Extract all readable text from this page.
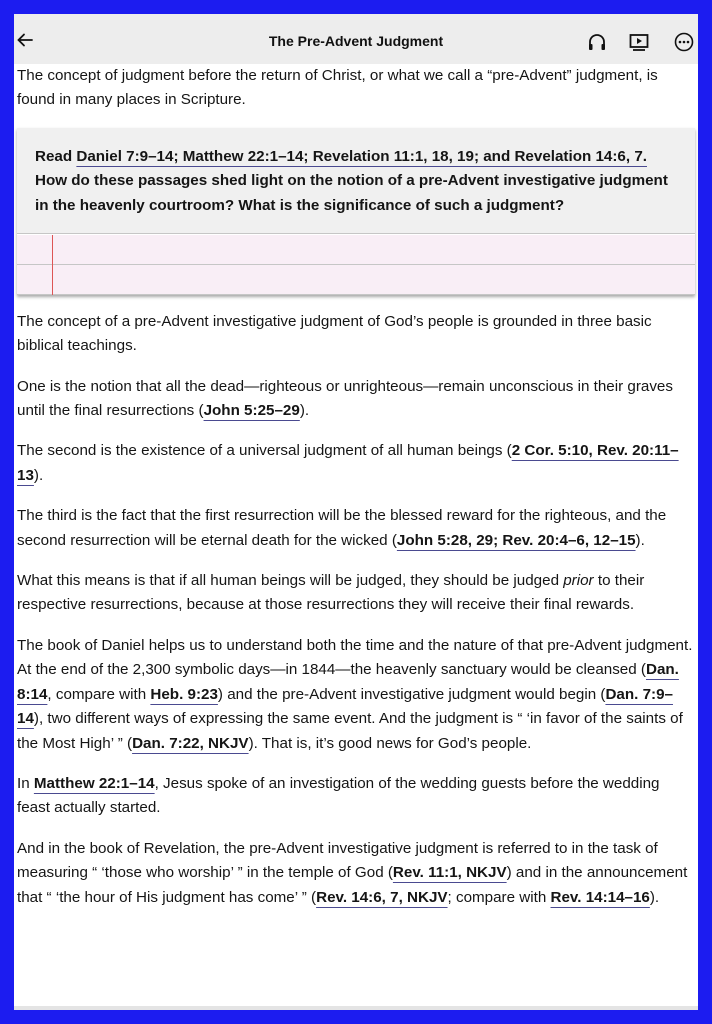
The Pre-Advent Judgment

The concept of judgment before the return of Christ, or what we call a “pre-Advent” judgment, is found in many places in Scripture.

Read Daniel 7:9–14; Matthew 22:1–14; Revelation 11:1, 18, 19; and Revelation 14:6, 7. How do these passages shed light on the notion of a pre-Advent investigative judgment in the heavenly courtroom? What is the significance of such a judgment?

The concept of a pre-Advent investigative judgment of God’s people is grounded in three basic biblical teachings.

One is the notion that all the dead—righteous or unrighteous—remain unconscious in their graves until the final resurrections (John 5:25–29).

The second is the existence of a universal judgment of all human beings (2 Cor. 5:10, Rev. 20:11–13).

The third is the fact that the first resurrection will be the blessed reward for the righteous, and the second resurrection will be eternal death for the wicked (John 5:28, 29; Rev. 20:4–6, 12–15).

What this means is that if all human beings will be judged, they should be judged prior to their respective resurrections, because at those resurrections they will receive their final rewards.

The book of Daniel helps us to understand both the time and the nature of that pre-Advent judgment. At the end of the 2,300 symbolic days—in 1844—the heavenly sanctuary would be cleansed (Dan. 8:14, compare with Heb. 9:23) and the pre-Advent investigative judgment would begin (Dan. 7:9–14), two different ways of expressing the same event. And the judgment is “ ‘in favor of the saints of the Most High’ ” (Dan. 7:22, NKJV). That is, it’s good news for God’s people.

In Matthew 22:1–14, Jesus spoke of an investigation of the wedding guests before the wedding feast actually started.

And in the book of Revelation, the pre-Advent investigative judgment is referred to in the task of measuring “ ‘those who worship’ ” in the temple of God (Rev. 11:1, NKJV) and in the announcement that “ ‘the hour of His judgment has come’ ” (Rev. 14:6, 7, NKJV; compare with Rev. 14:14–16).
